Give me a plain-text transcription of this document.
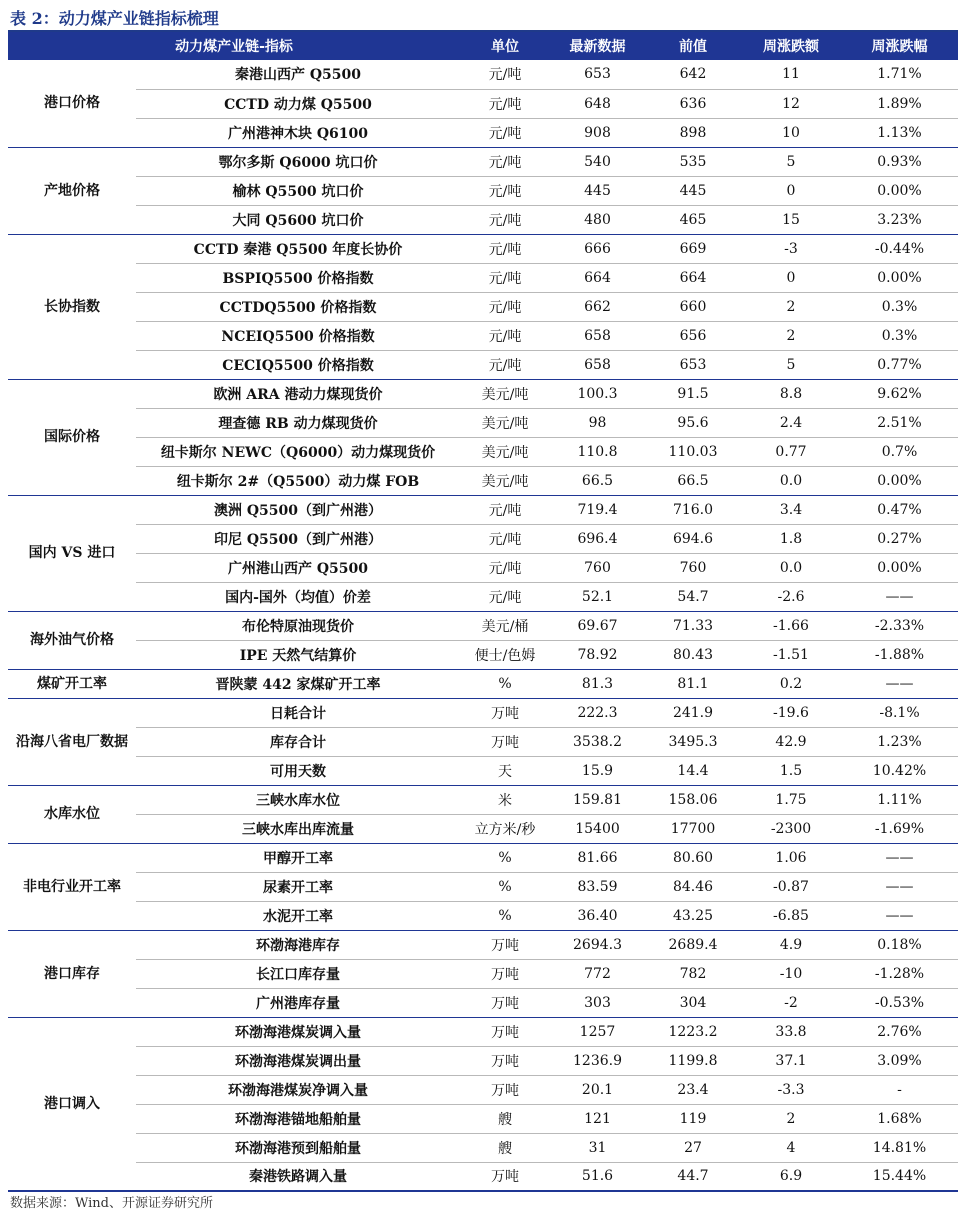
表 2：动力煤产业链指标梳理
动力煤产业链-指标		单位	最新数据	前值	周涨跌额	周涨跌幅
港口价格	秦港山西产 Q5500	元/吨	653	642	11	1.71%
	CCTD 动力煤 Q5500	元/吨	648	636	12	1.89%
	广州港神木块 Q6100	元/吨	908	898	10	1.13%
产地价格	鄂尔多斯 Q6000 坑口价	元/吨	540	535	5	0.93%
	榆林 Q5500 坑口价	元/吨	445	445	0	0.00%
	大同 Q5600 坑口价	元/吨	480	465	15	3.23%
长协指数	CCTD 秦港 Q5500 年度长协价	元/吨	666	669	-3	-0.44%
	BSPIQ5500 价格指数	元/吨	664	664	0	0.00%
	CCTDQ5500 价格指数	元/吨	662	660	2	0.3%
	NCEIQ5500 价格指数	元/吨	658	656	2	0.3%
	CECIQ5500 价格指数	元/吨	658	653	5	0.77%
国际价格	欧洲 ARA 港动力煤现货价	美元/吨	100.3	91.5	8.8	9.62%
	理查德 RB 动力煤现货价	美元/吨	98	95.6	2.4	2.51%
	纽卡斯尔 NEWC（Q6000）动力煤现货价	美元/吨	110.8	110.03	0.77	0.7%
	纽卡斯尔 2#（Q5500）动力煤 FOB	美元/吨	66.5	66.5	0.0	0.00%
国内 VS 进口	澳洲 Q5500（到广州港）	元/吨	719.4	716.0	3.4	0.47%
	印尼 Q5500（到广州港）	元/吨	696.4	694.6	1.8	0.27%
	广州港山西产 Q5500	元/吨	760	760	0.0	0.00%
	国内-国外（均值）价差	元/吨	52.1	54.7	-2.6	——
海外油气价格	布伦特原油现货价	美元/桶	69.67	71.33	-1.66	-2.33%
	IPE 天然气结算价	便士/色姆	78.92	80.43	-1.51	-1.88%
煤矿开工率	晋陕蒙 442 家煤矿开工率	%	81.3	81.1	0.2	——
沿海八省电厂数据	日耗合计	万吨	222.3	241.9	-19.6	-8.1%
	库存合计	万吨	3538.2	3495.3	42.9	1.23%
	可用天数	天	15.9	14.4	1.5	10.42%
水库水位	三峡水库水位	米	159.81	158.06	1.75	1.11%
	三峡水库出库流量	立方米/秒	15400	17700	-2300	-1.69%
非电行业开工率	甲醇开工率	%	81.66	80.60	1.06	——
	尿素开工率	%	83.59	84.46	-0.87	——
	水泥开工率	%	36.40	43.25	-6.85	——
港口库存	环渤海港库存	万吨	2694.3	2689.4	4.9	0.18%
	长江口库存量	万吨	772	782	-10	-1.28%
	广州港库存量	万吨	303	304	-2	-0.53%
港口调入	环渤海港煤炭调入量	万吨	1257	1223.2	33.8	2.76%
	环渤海港煤炭调出量	万吨	1236.9	1199.8	37.1	3.09%
	环渤海港煤炭净调入量	万吨	20.1	23.4	-3.3	-
	环渤海港锚地船舶量	艘	121	119	2	1.68%
	环渤海港预到船舶量	艘	31	27	4	14.81%
	秦港铁路调入量	万吨	51.6	44.7	6.9	15.44%
数据来源：Wind、开源证券研究所
